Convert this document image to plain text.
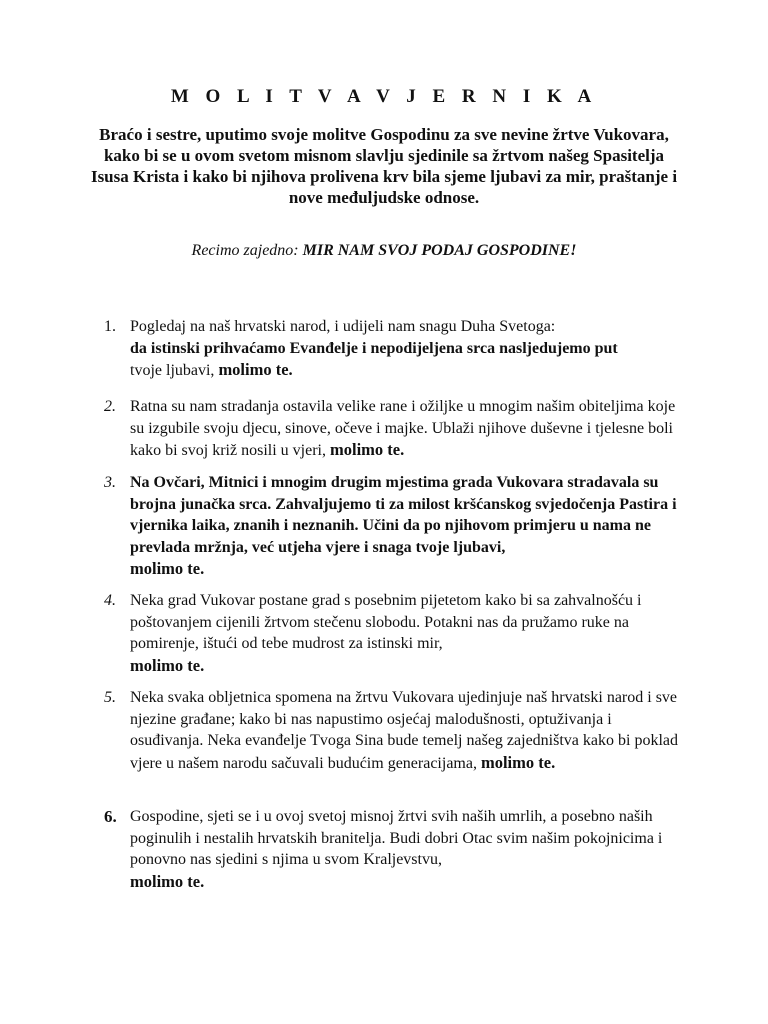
M O L I T V A V J E R N I K A
Braćo i sestre, uputimo svoje molitve Gospodinu za sve nevine žrtve Vukovara, kako bi se u ovom svetom misnom slavlju sjedinile sa žrtvom našeg Spasitelja Isusa Krista i kako bi njihova prolivena krv bila sjeme ljubavi za mir, praštanje i nove međuljudske odnose.
Recimo zajedno: MIR NAM SVOJ PODAJ GOSPODINE!
1. Pogledaj na naš hrvatski narod, i udijeli nam snagu Duha Svetoga:
da istinski prihvaćamo Evanđelje i nepodijeljena srca nasljedujemo put
tvoje ljubavi, molimo te.
2. Ratna su nam stradanja ostavila velike rane i ožiljke u mnogim našim obiteljima koje su izgubile svoju djecu, sinove, očeve i majke. Ublaži njihove duševne i tjelesne boli kako bi svoj križ nosili u vjeri, molimo te.
3. Na Ovčari, Mitnici i mnogim drugim mjestima grada Vukovara stradavala su brojna junačka srca. Zahvaljujemo ti za milost kršćanskog svjedočenja Pastira i vjernika laika, znanih i neznanih. Učini da po njihovom primjeru u nama ne prevlada mržnja, već utjeha vjere i snaga tvoje ljubavi,
molimo te.
4. Neka grad Vukovar postane grad s posebnim pijetetom kako bi sa zahvalnošću i poštovanjem cijenili žrtvom stečenu slobodu. Potakni nas da pružamo ruke na pomirenje, ištući od tebe mudrost za istinski mir,
molimo te.
5. Neka svaka obljetnica spomena na žrtvu Vukovara ujedinjuje naš hrvatski narod i sve njezine građane; kako bi nas napustimo osjećaj malodušnosti, optuživanja i osuđivanja. Neka evanđelje Tvoga Sina bude temelj našeg zajedništva kako bi poklad vjere u našem narodu sačuvali budućim generacijama, molimo te.
6. Gospodine, sjeti se i u ovoj svetoj misnoj žrtvi svih naših umrlih, a posebno naših poginulih i nestalih hrvatskih branitelja. Budi dobri Otac svim našim pokojnicima i ponovno nas sjedini s njima u svom Kraljevstvu,
molimo te.
